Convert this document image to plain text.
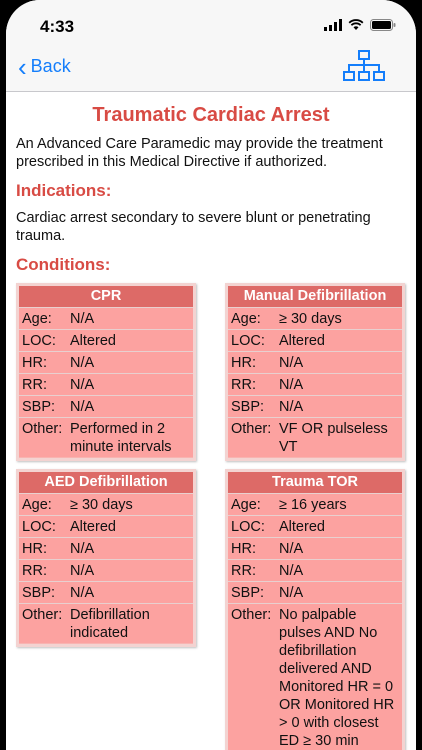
4:33
‹ Back
Traumatic Cardiac Arrest
An Advanced Care Paramedic may provide the treatment prescribed in this Medical Directive if authorized.
Indications:
Cardiac arrest secondary to severe blunt or penetrating trauma.
Conditions:
CPR
Age:	N/A
LOC: Altered
HR:	N/A
RR:	N/A
SBP:	N/A
Other: Performed in 2 minute intervals
Manual Defibrillation
Age:	≥ 30 days
LOC: Altered
HR:	N/A
RR:	N/A
SBP:	N/A
Other: VF OR pulseless VT
AED Defibrillation
Age:	≥ 30 days
LOC: Altered
HR:	N/A
RR:	N/A
SBP:	N/A
Other: Defibrillation indicated
Trauma TOR
Age:	≥ 16 years
LOC: Altered
HR:	N/A
RR:	N/A
SBP:	N/A
Other: No palpable pulses AND No defibrillation delivered AND Monitored HR = 0 OR Monitored HR > 0 with closest ED ≥ 30 min
